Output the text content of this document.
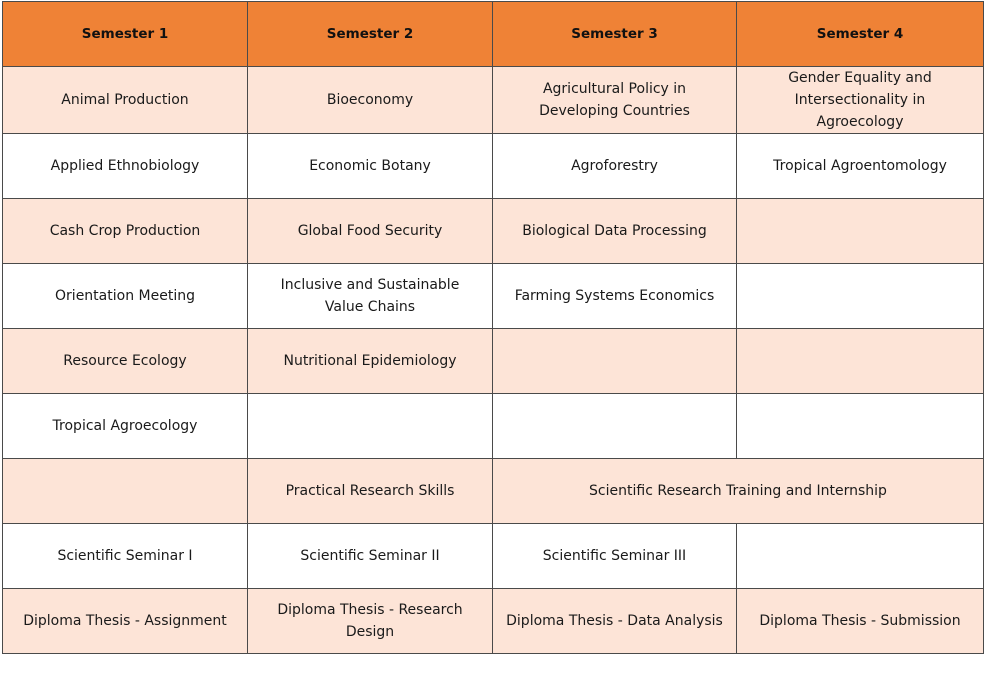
Semester 1	Semester 2	Semester 3	Semester 4
Animal Production	Bioeconomy	Agricultural Policy in Developing Countries	Gender Equality and Intersectionality in Agroecology
Applied Ethnobiology	Economic Botany	Agroforestry	Tropical Agroentomology
Cash Crop Production	Global Food Security	Biological Data Processing	
Orientation Meeting	Inclusive and Sustainable Value Chains	Farming Systems Economics	
Resource Ecology	Nutritional Epidemiology		
Tropical Agroecology			
	Practical Research Skills	Scientific Research Training and Internship	
Scientific Seminar I	Scientific Seminar II	Scientific Seminar III	
Diploma Thesis - Assignment	Diploma Thesis - Research Design	Diploma Thesis - Data Analysis	Diploma Thesis - Submission
